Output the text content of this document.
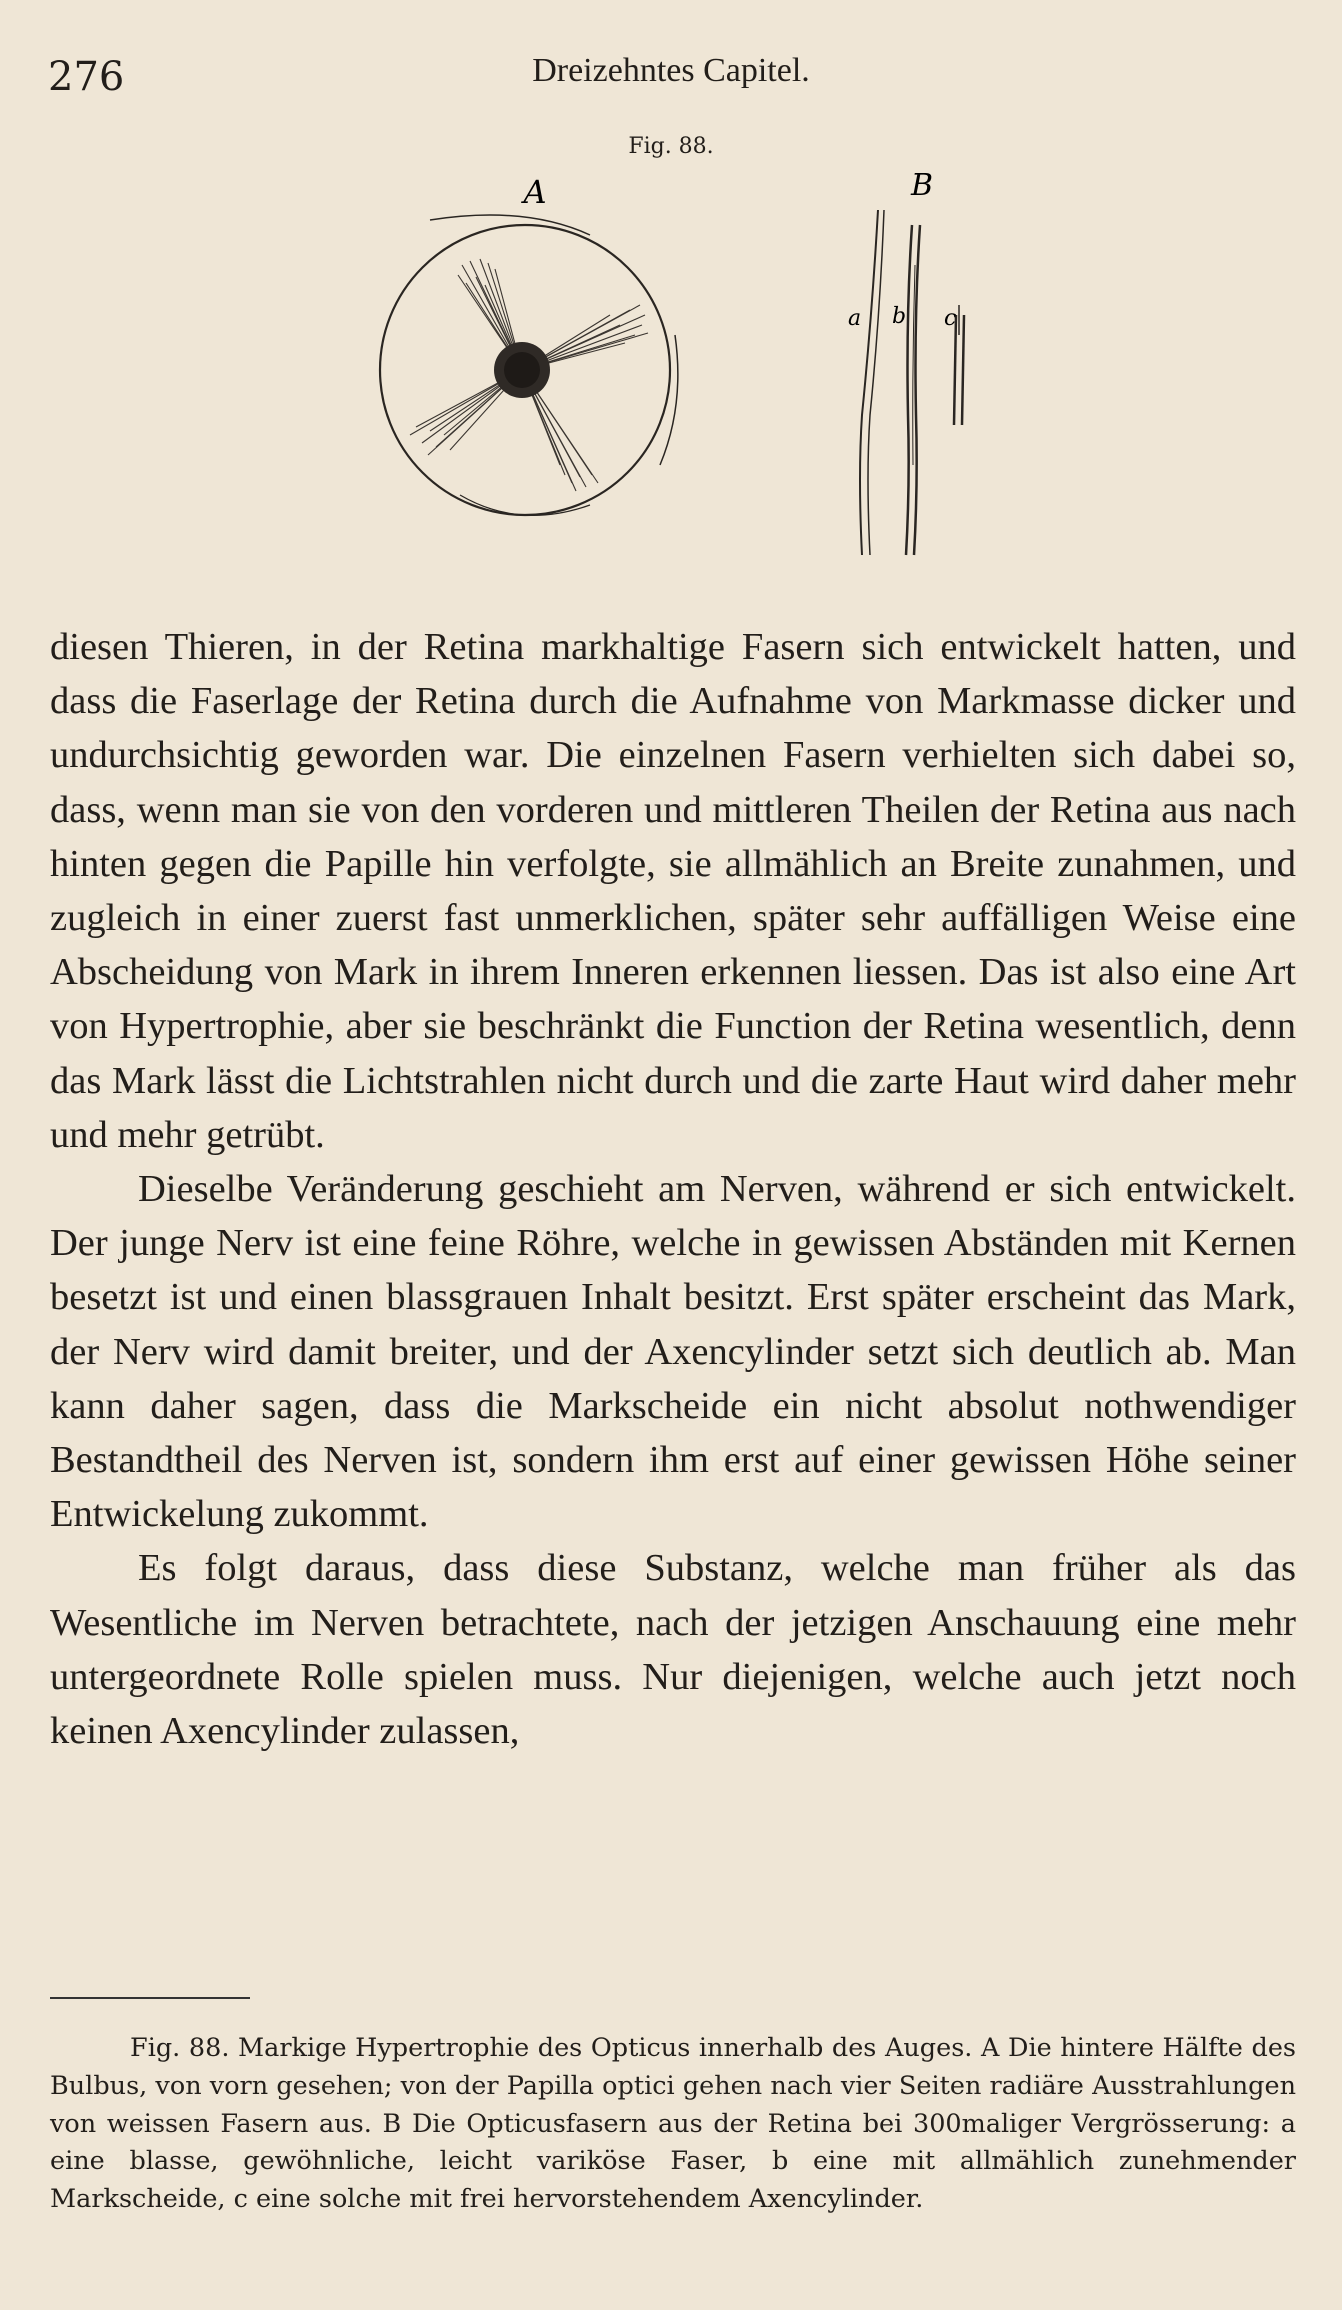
276	Dreizehntes Capitel.
Fig. 88.
A	B
a b c

diesen Thieren, in der Retina markhaltige Fasern sich entwickelt hatten, und dass die Faserlage der Retina durch die Aufnahme von Markmasse dicker und undurchsichtig geworden war. Die einzelnen Fasern verhielten sich dabei so, dass, wenn man sie von den vorderen und mittleren Theilen der Retina aus nach hinten gegen die Papille hin verfolgte, sie allmählich an Breite zunahmen, und zugleich in einer zuerst fast unmerklichen, später sehr auffälligen Weise eine Abscheidung von Mark in ihrem Inneren erkennen liessen. Das ist also eine Art von Hypertrophie, aber sie beschränkt die Function der Retina wesentlich, denn das Mark lässt die Lichtstrahlen nicht durch und die zarte Haut wird daher mehr und mehr getrübt.

Dieselbe Veränderung geschieht am Nerven, während er sich entwickelt. Der junge Nerv ist eine feine Röhre, welche in gewissen Abständen mit Kernen besetzt ist und einen blassgrauen Inhalt besitzt. Erst später erscheint das Mark, der Nerv wird damit breiter, und der Axencylinder setzt sich deutlich ab. Man kann daher sagen, dass die Markscheide ein nicht absolut nothwendiger Bestandtheil des Nerven ist, sondern ihm erst auf einer gewissen Höhe seiner Entwickelung zukommt.

Es folgt daraus, dass diese Substanz, welche man früher als das Wesentliche im Nerven betrachtete, nach der jetzigen Anschauung eine mehr untergeordnete Rolle spielen muss. Nur diejenigen, welche auch jetzt noch keinen Axencylinder zulassen,

Fig. 88. Markige Hypertrophie des Opticus innerhalb des Auges. A Die hintere Hälfte des Bulbus, von vorn gesehen; von der Papilla optici gehen nach vier Seiten radiäre Ausstrahlungen von weissen Fasern aus. B Die Opticusfasern aus der Retina bei 300maliger Vergrösserung: a eine blasse, gewöhnliche, leicht variköse Faser, b eine mit allmählich zunehmender Markscheide, c eine solche mit frei hervorstehendem Axencylinder.
